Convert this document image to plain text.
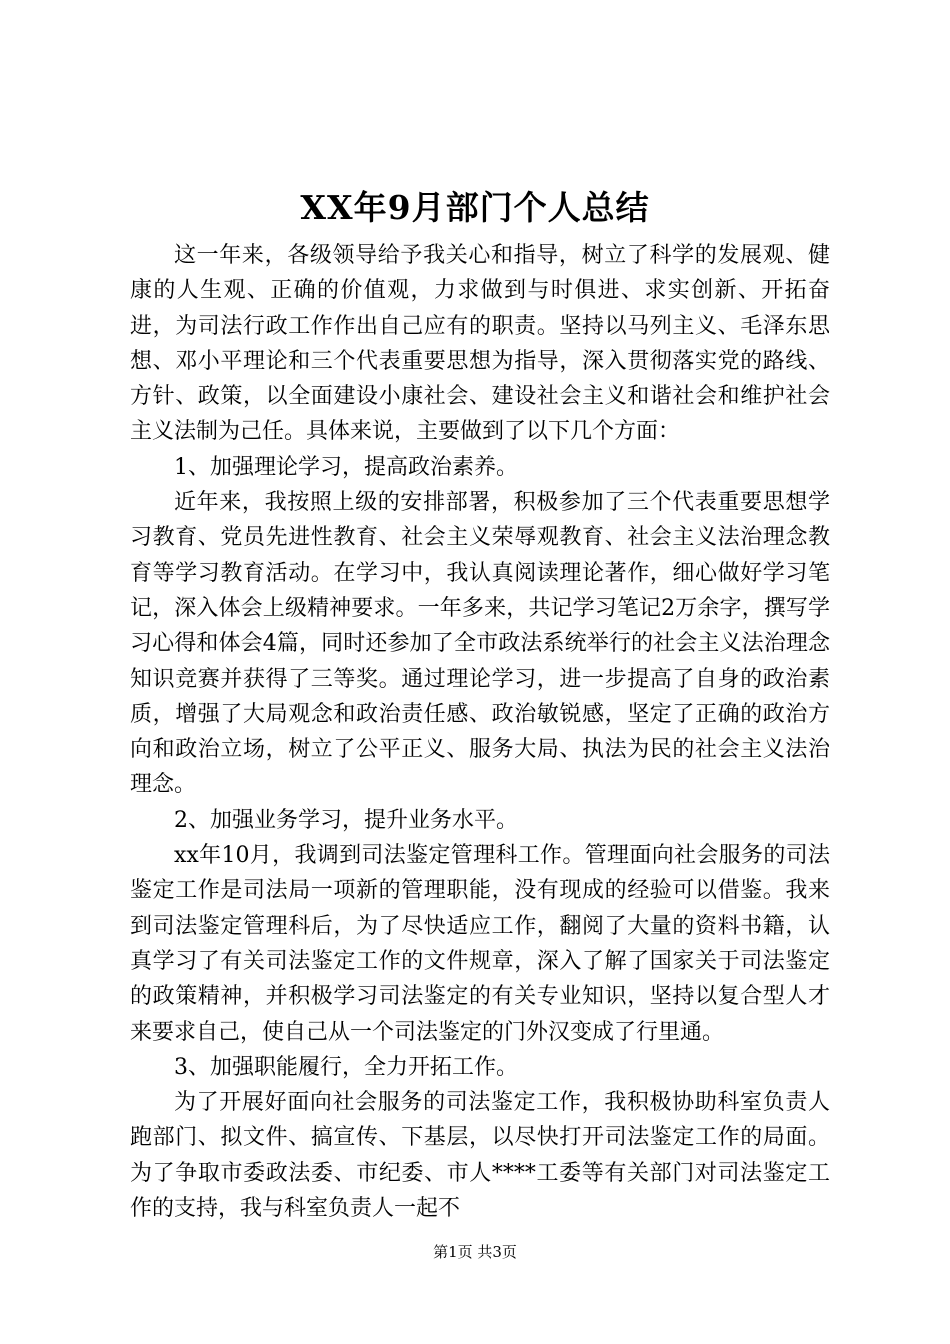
XX年9月部门个人总结

这一年来，各级领导给予我关心和指导，树立了科学的发展观、健康的人生观、正确的价值观，力求做到与时俱进、求实创新、开拓奋进，为司法行政工作作出自己应有的职责。坚持以马列主义、毛泽东思想、邓小平理论和三个代表重要思想为指导，深入贯彻落实党的路线、方针、政策，以全面建设小康社会、建设社会主义和谐社会和维护社会主义法制为己任。具体来说，主要做到了以下几个方面：

1、加强理论学习，提高政治素养。

近年来，我按照上级的安排部署，积极参加了三个代表重要思想学习教育、党员先进性教育、社会主义荣辱观教育、社会主义法治理念教育等学习教育活动。在学习中，我认真阅读理论著作，细心做好学习笔记，深入体会上级精神要求。一年多来，共记学习笔记2万余字，撰写学习心得和体会4篇，同时还参加了全市政法系统举行的社会主义法治理念知识竞赛并获得了三等奖。通过理论学习，进一步提高了自身的政治素质，增强了大局观念和政治责任感、政治敏锐感，坚定了正确的政治方向和政治立场，树立了公平正义、服务大局、执法为民的社会主义法治理念。

2、加强业务学习，提升业务水平。

xx年10月，我调到司法鉴定管理科工作。管理面向社会服务的司法鉴定工作是司法局一项新的管理职能，没有现成的经验可以借鉴。我来到司法鉴定管理科后，为了尽快适应工作，翻阅了大量的资料书籍，认真学习了有关司法鉴定工作的文件规章，深入了解了国家关于司法鉴定的政策精神，并积极学习司法鉴定的有关专业知识，坚持以复合型人才来要求自己，使自己从一个司法鉴定的门外汉变成了行里通。

3、加强职能履行，全力开拓工作。

为了开展好面向社会服务的司法鉴定工作，我积极协助科室负责人跑部门、拟文件、搞宣传、下基层，以尽快打开司法鉴定工作的局面。为了争取市委政法委、市纪委、市人****工委等有关部门对司法鉴定工作的支持，我与科室负责人一起不

第1页 共3页
